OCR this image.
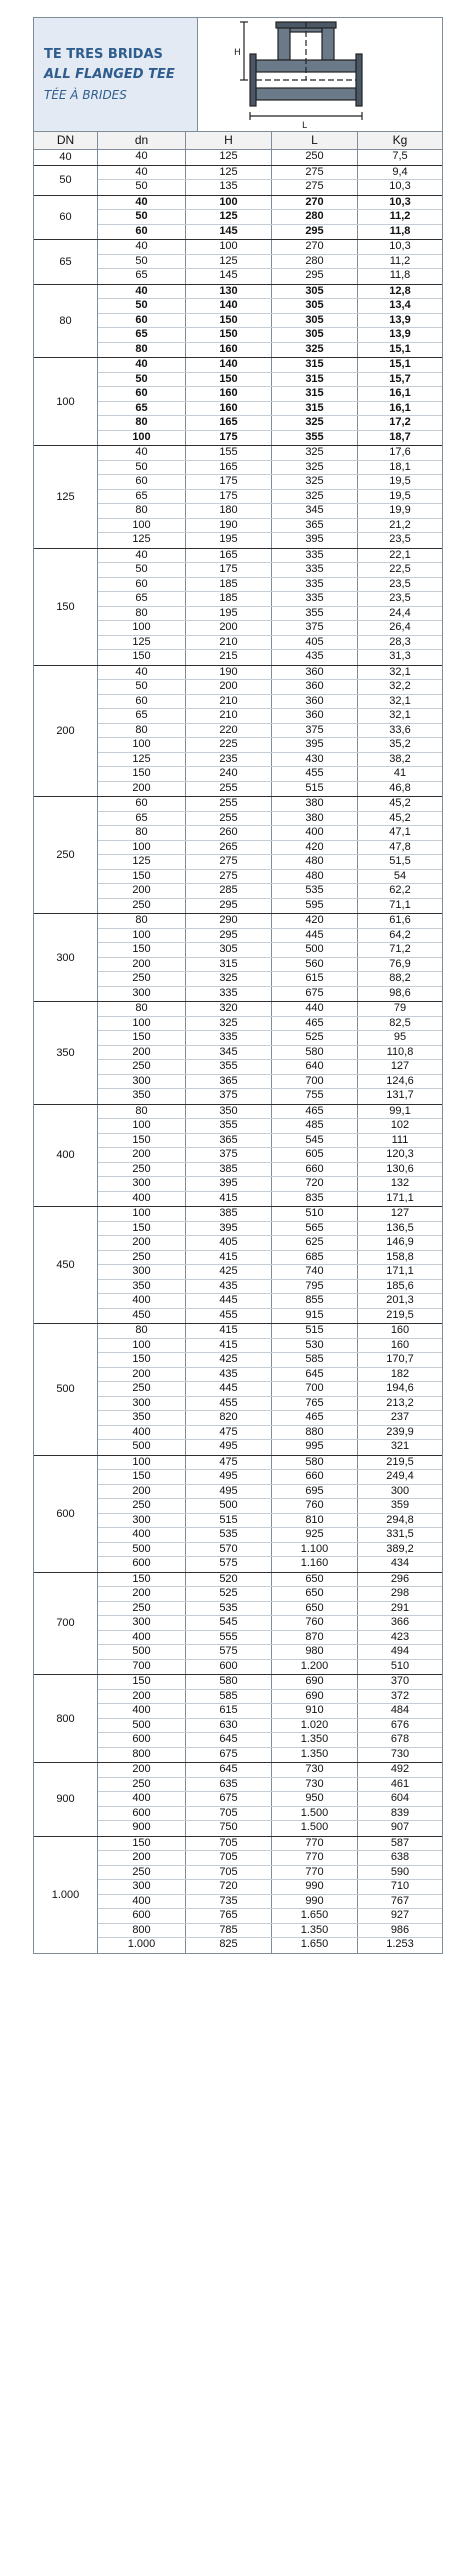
TE TRES BRIDAS
ALL FLANGED TEE
TÉE À BRIDES
H
L
DN	dn	H	L	Kg
40	40	125	250	7,5
50
40	125	275	9,4
50	135	275	10,3
60
40	100	270	10,3
50	125	280	11,2
60	145	295	11,8
65
40	100	270	10,3
50	125	280	11,2
65	145	295	11,8
80
40	130	305	12,8
50	140	305	13,4
60	150	305	13,9
65	150	305	13,9
80	160	325	15,1
100
40	140	315	15,1
50	150	315	15,7
60	160	315	16,1
65	160	315	16,1
80	165	325	17,2
100	175	355	18,7
125
40	155	325	17,6
50	165	325	18,1
60	175	325	19,5
65	175	325	19,5
80	180	345	19,9
100	190	365	21,2
125	195	395	23,5
150
40	165	335	22,1
50	175	335	22,5
60	185	335	23,5
65	185	335	23,5
80	195	355	24,4
100	200	375	26,4
125	210	405	28,3
150	215	435	31,3
200
40	190	360	32,1
50	200	360	32,2
60	210	360	32,1
65	210	360	32,1
80	220	375	33,6
100	225	395	35,2
125	235	430	38,2
150	240	455	41
200	255	515	46,8
250
60	255	380	45,2
65	255	380	45,2
80	260	400	47,1
100	265	420	47,8
125	275	480	51,5
150	275	480	54
200	285	535	62,2
250	295	595	71,1
300
80	290	420	61,6
100	295	445	64,2
150	305	500	71,2
200	315	560	76,9
250	325	615	88,2
300	335	675	98,6
350
80	320	440	79
100	325	465	82,5
150	335	525	95
200	345	580	110,8
250	355	640	127
300	365	700	124,6
350	375	755	131,7
400
80	350	465	99,1
100	355	485	102
150	365	545	111
200	375	605	120,3
250	385	660	130,6
300	395	720	132
400	415	835	171,1
450
100	385	510	127
150	395	565	136,5
200	405	625	146,9
250	415	685	158,8
300	425	740	171,1
350	435	795	185,6
400	445	855	201,3
450	455	915	219,5
500
80	415	515	160
100	415	530	160
150	425	585	170,7
200	435	645	182
250	445	700	194,6
300	455	765	213,2
350	820	465	237
400	475	880	239,9
500	495	995	321
600
100	475	580	219,5
150	495	660	249,4
200	495	695	300
250	500	760	359
300	515	810	294,8
400	535	925	331,5
500	570	1.100	389,2
600	575	1.160	434
700
150	520	650	296
200	525	650	298
250	535	650	291
300	545	760	366
400	555	870	423
500	575	980	494
700	600	1.200	510
800
150	580	690	370
200	585	690	372
400	615	910	484
500	630	1.020	676
600	645	1.350	678
800	675	1.350	730
900
200	645	730	492
250	635	730	461
400	675	950	604
600	705	1.500	839
900	750	1.500	907
1.000
150	705	770	587
200	705	770	638
250	705	770	590
300	720	990	710
400	735	990	767
600	765	1.650	927
800	785	1.350	986
1.000	825	1.650	1.253
